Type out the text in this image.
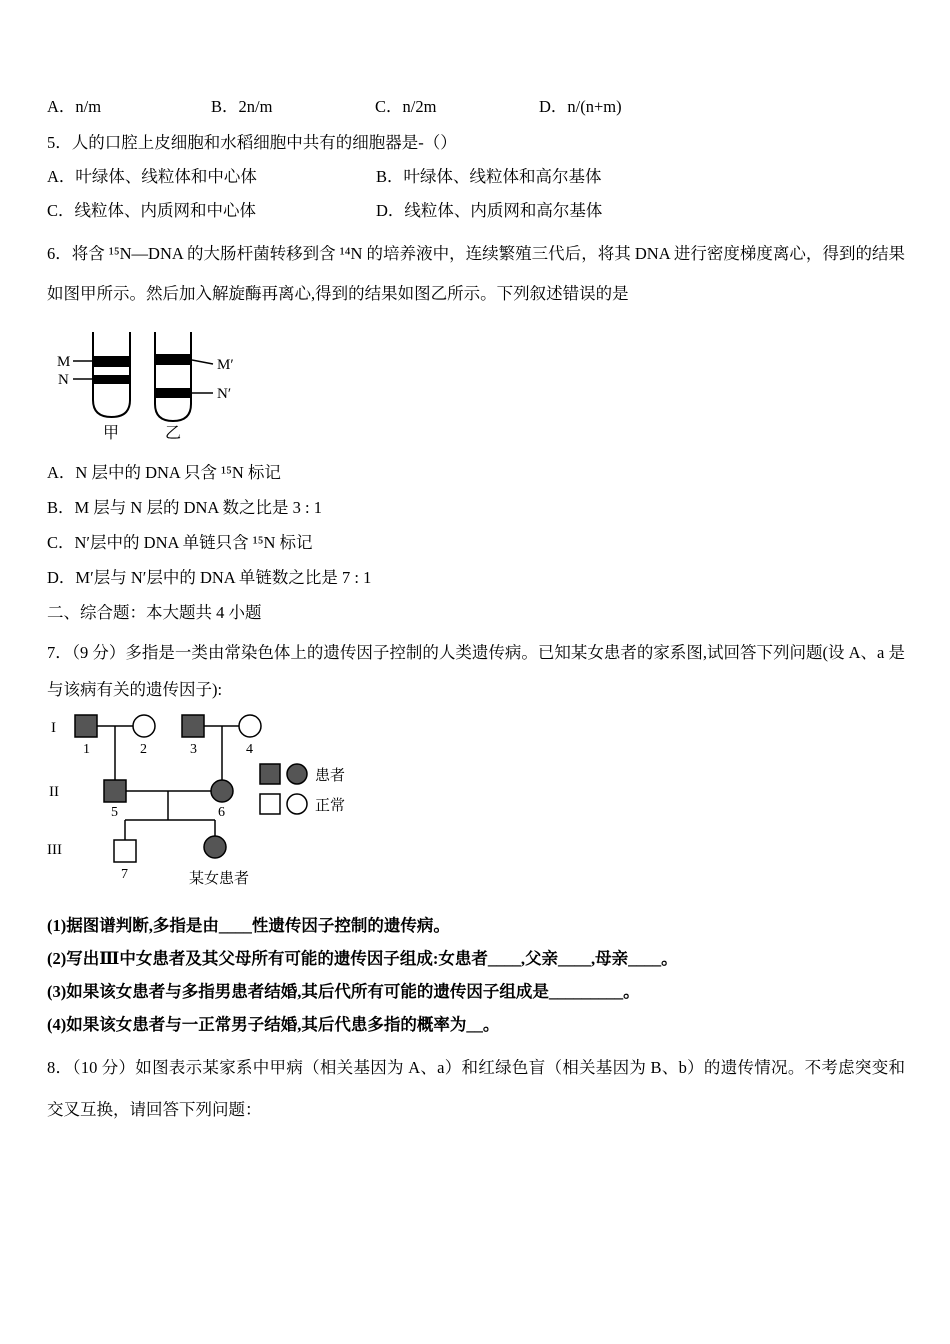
A．n/m	B．2n/m	C．n/2m	D．n/(n+m)
5．人的口腔上皮细胞和水稻细胞中共有的细胞器是-（）
A．叶绿体、线粒体和中心体	B．叶绿体、线粒体和高尔基体
C．线粒体、内质网和中心体	D．线粒体、内质网和高尔基体
6．将含 ¹⁵N—DNA 的大肠杆菌转移到含 ¹⁴N 的培养液中，连续繁殖三代后，将其 DNA 进行密度梯度离心，得到的结果如图甲所示。然后加入解旋酶再离心,得到的结果如图乙所示。下列叙述错误的是
M
N
M′
N′
甲	乙
A．N 层中的 DNA 只含 ¹⁵N 标记
B．M 层与 N 层的 DNA 数之比是 3 : 1
C．N′层中的 DNA 单链只含 ¹⁵N 标记
D．M′层与 N′层中的 DNA 单链数之比是 7 : 1
二、综合题：本大题共 4 小题
7．（9 分）多指是一类由常染色体上的遗传因子控制的人类遗传病。已知某女患者的家系图,试回答下列问题(设 A、a 是与该病有关的遗传因子):
I
II
III
1	2	3	4
5	6
7	某女患者
患者
正常
(1)据图谱判断,多指是由____性遗传因子控制的遗传病。
(2)写出Ⅲ中女患者及其父母所有可能的遗传因子组成:女患者____,父亲____,母亲____。
(3)如果该女患者与多指男患者结婚,其后代所有可能的遗传因子组成是_________。
(4)如果该女患者与一正常男子结婚,其后代患多指的概率为__。
8．（10 分）如图表示某家系中甲病（相关基因为 A、a）和红绿色盲（相关基因为 B、b）的遗传情况。不考虑突变和交叉互换，请回答下列问题：
